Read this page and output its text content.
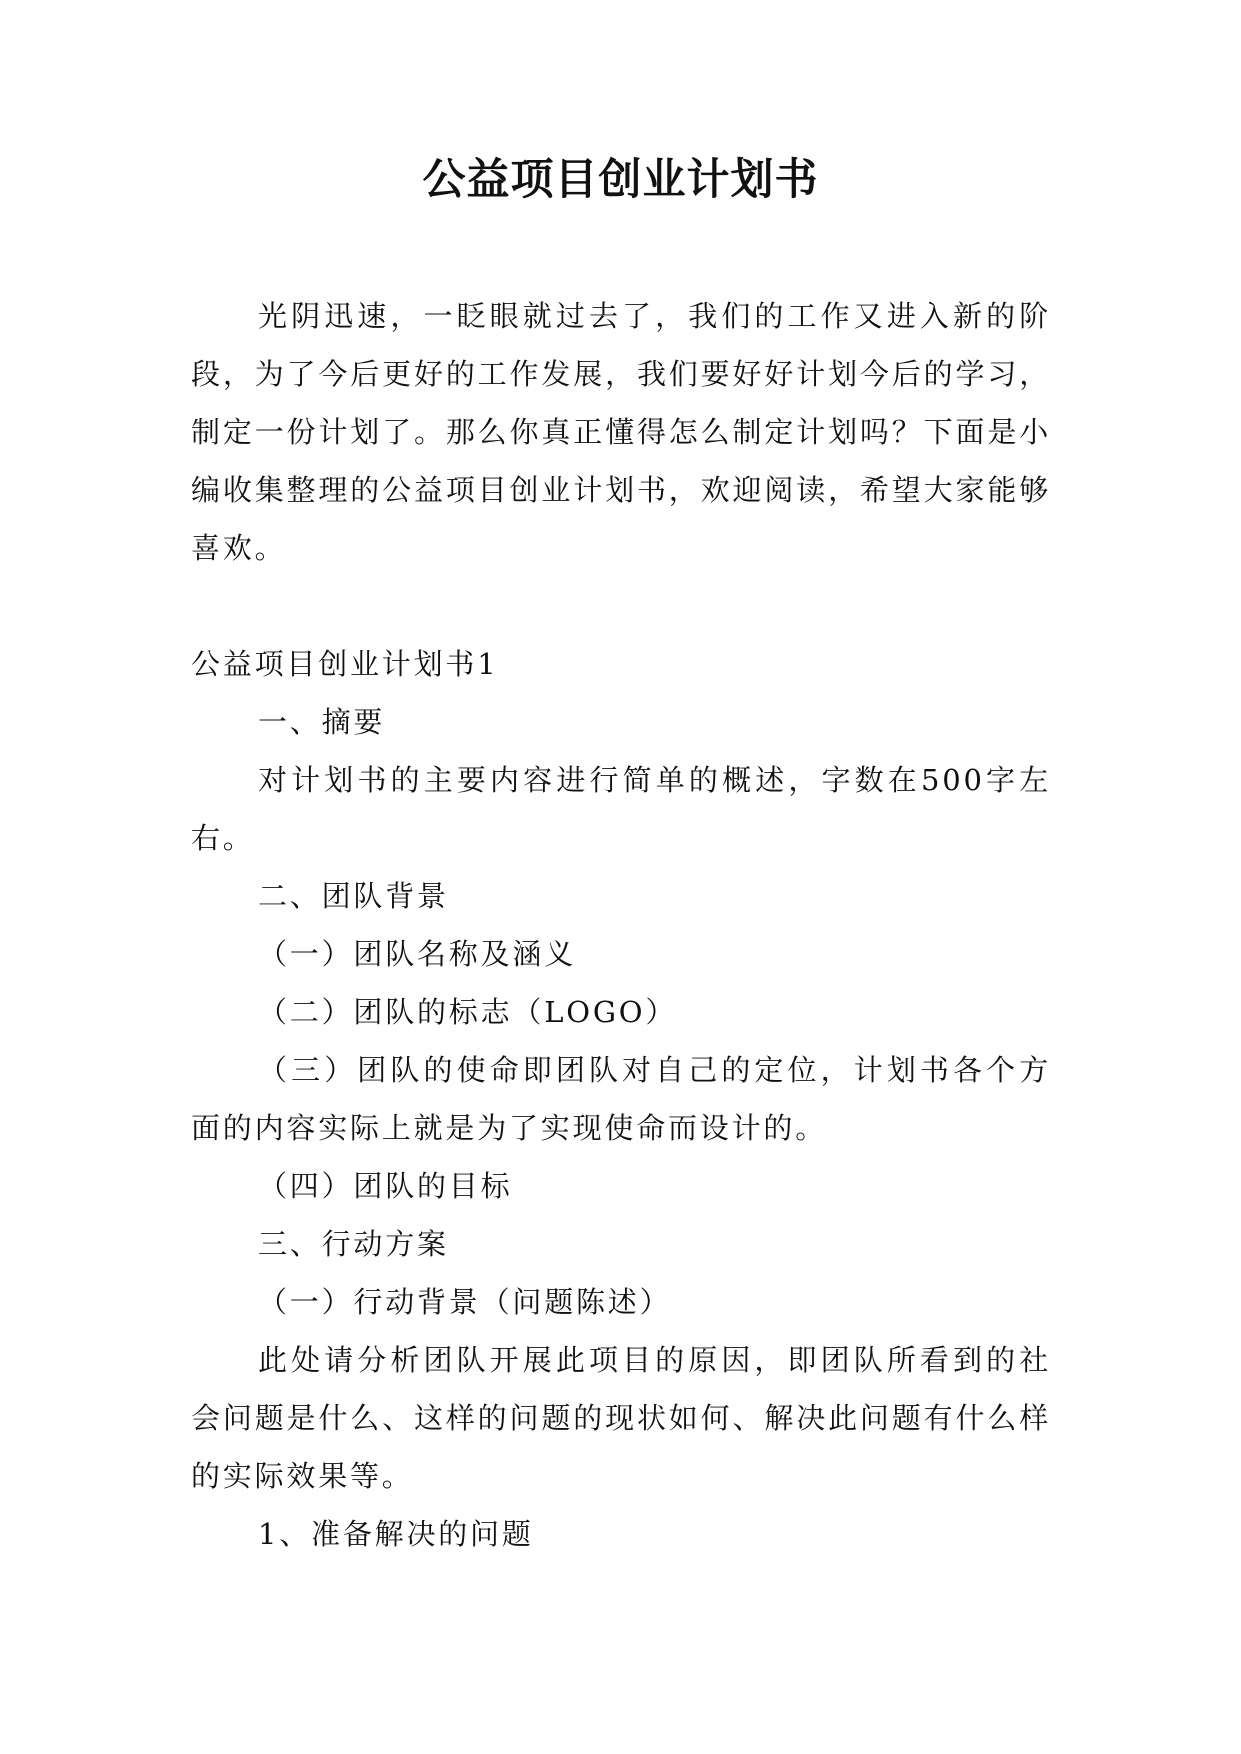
公益项目创业计划书

光阴迅速，一眨眼就过去了，我们的工作又进入新的阶段，为了今后更好的工作发展，我们要好好计划今后的学习，制定一份计划了。那么你真正懂得怎么制定计划吗？下面是小编收集整理的公益项目创业计划书，欢迎阅读，希望大家能够喜欢。

公益项目创业计划书1

一、摘要

对计划书的主要内容进行简单的概述，字数在500字左右。

二、团队背景

（一）团队名称及涵义

（二）团队的标志（LOGO）

（三）团队的使命即团队对自己的定位，计划书各个方面的内容实际上就是为了实现使命而设计的。

（四）团队的目标

三、行动方案

（一）行动背景（问题陈述）

此处请分析团队开展此项目的原因，即团队所看到的社会问题是什么、这样的问题的现状如何、解决此问题有什么样的实际效果等。

1、准备解决的问题
